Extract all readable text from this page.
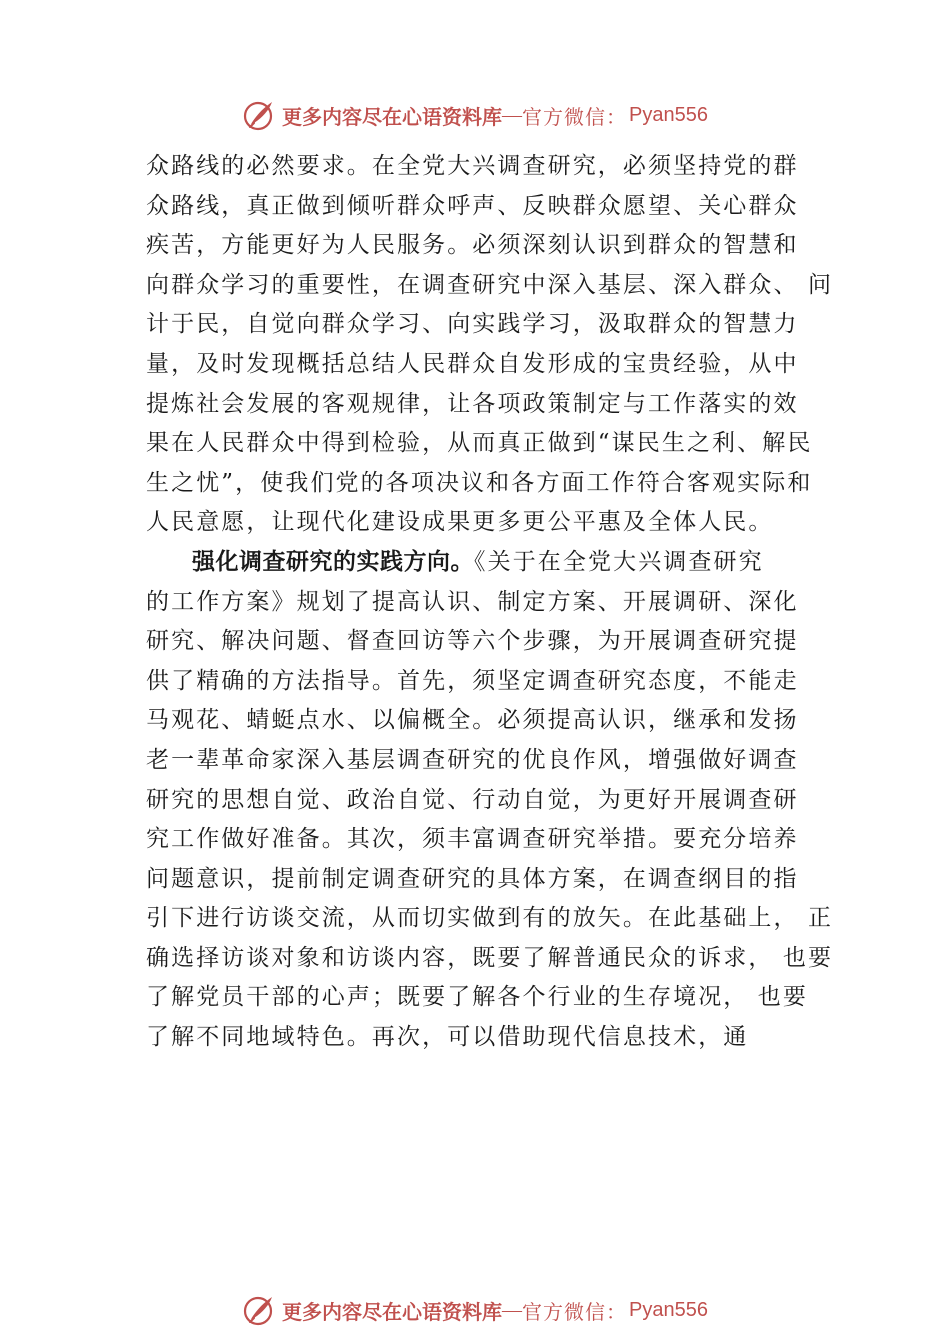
更多内容尽在心语资料库 — 官方微信： Pyan556
众路线的必然要求。在全党大兴调查研究，必须坚持党的群
众路线，真正做到倾听群众呼声、反映群众愿望、关心群众
疾苦，方能更好为人民服务。必须深刻认识到群众的智慧和
向群众学习的重要性，在调查研究中深入基层、深入群众、 问
计于民，自觉向群众学习、向实践学习，汲取群众的智慧力
量，及时发现概括总结人民群众自发形成的宝贵经验，从中
提炼社会发展的客观规律，让各项政策制定与工作落实的效
果在人民群众中得到检验，从而真正做到“谋民生之利、解民
生之忧”，使我们党的各项决议和各方面工作符合客观实际和
人民意愿，让现代化建设成果更多更公平惠及全体人民。
强化调查研究的实践方向。《关于在全党大兴调查研究
的工作方案》规划了提高认识、制定方案、开展调研、深化
研究、解决问题、督查回访等六个步骤，为开展调查研究提
供了精确的方法指导。首先，须坚定调查研究态度，不能走
马观花、蜻蜓点水、以偏概全。必须提高认识，继承和发扬
老一辈革命家深入基层调查研究的优良作风，增强做好调查
研究的思想自觉、政治自觉、行动自觉，为更好开展调查研
究工作做好准备。其次，须丰富调查研究举措。要充分培养
问题意识，提前制定调查研究的具体方案，在调查纲目的指
引下进行访谈交流，从而切实做到有的放矢。在此基础上， 正
确选择访谈对象和访谈内容，既要了解普通民众的诉求， 也要
了解党员干部的心声；既要了解各个行业的生存境况， 也要
了解不同地域特色。再次，可以借助现代信息技术，通
更多内容尽在心语资料库 — 官方微信： Pyan556
